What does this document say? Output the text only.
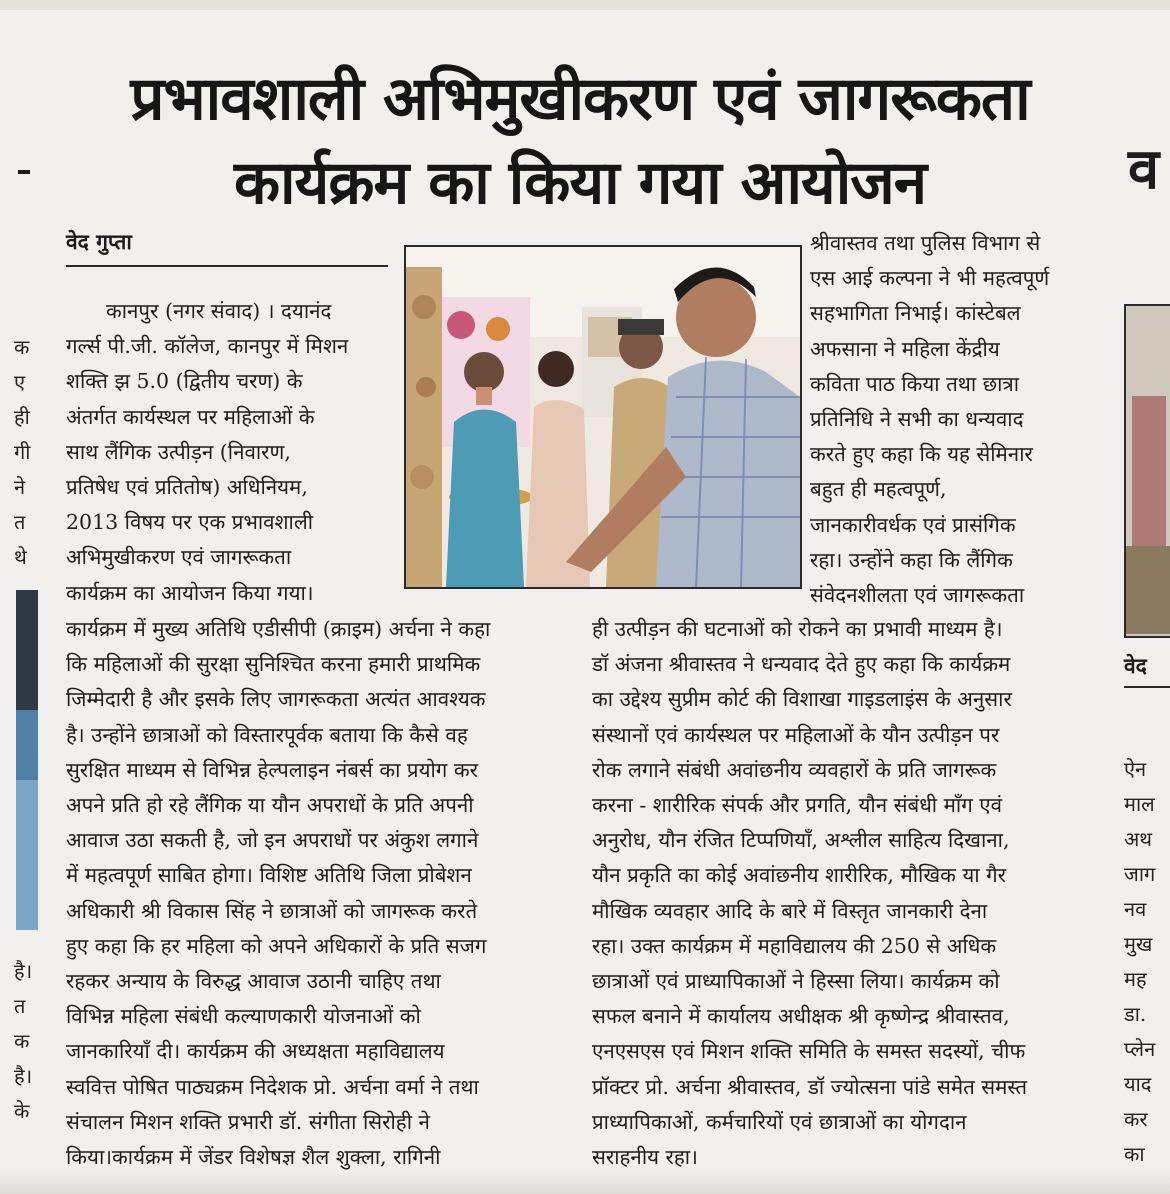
प्रभावशाली अभिमुखीकरण एवं जागरूकता
कार्यक्रम का किया गया आयोजन
वेद गुप्ता

कानपुर (नगर संवाद) । दयानंद

गर्ल्स पी.जी. कॉलेज, कानपुर में मिशन

शक्ति झ 5.0 (द्वितीय चरण) के

अंतर्गत कार्यस्थल पर महिलाओं के

साथ लैंगिक उत्पीड़न (निवारण,

प्रतिषेध एवं प्रतितोष) अधिनियम,

2013 विषय पर एक प्रभावशाली

अभिमुखीकरण एवं जागरूकता

कार्यक्रम का आयोजन किया गया।

श्रीवास्तव तथा पुलिस विभाग से

एस आई कल्पना ने भी महत्वपूर्ण

सहभागिता निभाई। कांस्टेबल

अफसाना ने महिला केंद्रीय

कविता पाठ किया तथा छात्रा

प्रतिनिधि ने सभी का धन्यवाद

करते हुए कहा कि यह सेमिनार

बहुत ही महत्वपूर्ण,

जानकारीवर्धक एवं प्रासंगिक

रहा। उन्होंने कहा कि लैंगिक

संवेदनशीलता एवं जागरूकता

कार्यक्रम में मुख्य अतिथि एडीसीपी (क्राइम) अर्चना ने कहा

कि महिलाओं की सुरक्षा सुनिश्चित करना हमारी प्राथमिक

जिम्मेदारी है और इसके लिए जागरूकता अत्यंत आवश्यक

है। उन्होंने छात्राओं को विस्तारपूर्वक बताया कि कैसे वह

सुरक्षित माध्यम से विभिन्न हेल्पलाइन नंबर्स का प्रयोग कर

अपने प्रति हो रहे लैंगिक या यौन अपराधों के प्रति अपनी

आवाज उठा सकती है, जो इन अपराधों पर अंकुश लगाने

में महत्वपूर्ण साबित होगा। विशिष्ट अतिथि जिला प्रोबेशन

अधिकारी श्री विकास सिंह ने छात्राओं को जागरूक करते

हुए कहा कि हर महिला को अपने अधिकारों के प्रति सजग

रहकर अन्याय के विरुद्ध आवाज उठानी चाहिए तथा

विभिन्न महिला संबंधी कल्याणकारी योजनाओं को

जानकारियाँ दी। कार्यक्रम की अध्यक्षता महाविद्यालय

स्ववित्त पोषित पाठ्यक्रम निदेशक प्रो. अर्चना वर्मा ने तथा

संचालन मिशन शक्ति प्रभारी डॉ. संगीता सिरोही ने

किया।कार्यक्रम में जेंडर विशेषज्ञ शैल शुक्ला, रागिनी

ही उत्पीड़न की घटनाओं को रोकने का प्रभावी माध्यम है।

डॉ अंजना श्रीवास्तव ने धन्यवाद देते हुए कहा कि कार्यक्रम

का उद्देश्य सुप्रीम कोर्ट की विशाखा गाइडलाइंस के अनुसार

संस्थानों एवं कार्यस्थल पर महिलाओं के यौन उत्पीड़न पर

रोक लगाने संबंधी अवांछनीय व्यवहारों के प्रति जागरूक

करना - शारीरिक संपर्क और प्रगति, यौन संबंधी माँग एवं

अनुरोध, यौन रंजित टिप्पणियाँ, अश्लील साहित्य दिखाना,

यौन प्रकृति का कोई अवांछनीय शारीरिक, मौखिक या गैर

मौखिक व्यवहार आदि के बारे में विस्तृत जानकारी देना

रहा। उक्त कार्यक्रम में महाविद्यालय की 250 से अधिक

छात्राओं एवं प्राध्यापिकाओं ने हिस्सा लिया। कार्यक्रम को

सफल बनाने में कार्यालय अधीक्षक श्री कृष्णेन्द्र श्रीवास्तव,

एनएसएस एवं मिशन शक्ति समिति के समस्त सदस्यों, चीफ

प्रॉक्टर प्रो. अर्चना श्रीवास्तव, डॉ ज्योत्सना पांडे समेत समस्त

प्राध्यापिकाओं, कर्मचारियों एवं छात्राओं का योगदान

सराहनीय रहा।

क
ए
ही
गी
ने
त
थे
है।
त
क
है।
के
व
वेद
ऐन
माल
अथ
जाग
नव
मुख
मह
डा.
प्लेन
याद
कर
का
